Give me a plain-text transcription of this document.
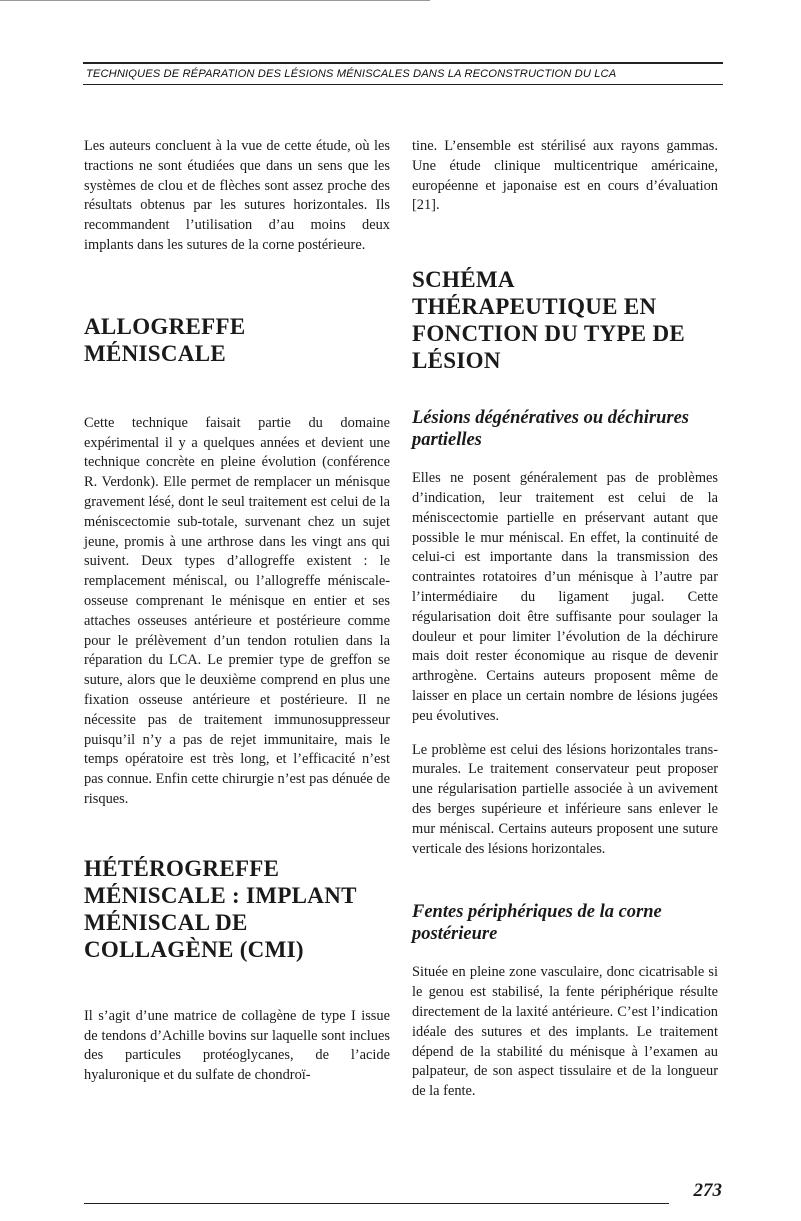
TECHNIQUES DE RÉPARATION DES LÉSIONS MÉNISCALES DANS LA RECONSTRUCTION DU LCA

Les auteurs concluent à la vue de cette étude, où les tractions ne sont étudiées que dans un sens que les systèmes de clou et de flèches sont assez proche des résultats obtenus par les sutures horizontales. Ils recommandent l’utilisation d’au moins deux implants dans les sutures de la corne postérieure.

ALLOGREFFE MÉNISCALE

Cette technique faisait partie du domaine expérimental il y a quelques années et devient une technique concrète en pleine évolution (conférence R. Verdonk). Elle permet de remplacer un ménisque gravement lésé, dont le seul traitement est celui de la méniscectomie sub-totale, survenant chez un sujet jeune, promis à une arthrose dans les vingt ans qui suivent. Deux types d’allogreffe existent : le remplacement méniscal, ou l’allogreffe méniscale-osseuse comprenant le ménisque en entier et ses attaches osseuses antérieure et postérieure comme pour le prélèvement d’un tendon rotulien dans la réparation du LCA. Le premier type de greffon se suture, alors que le deuxième comprend en plus une fixation osseuse antérieure et postérieure. Il ne nécessite pas de traitement immunosuppresseur puisqu’il n’y a pas de rejet immunitaire, mais le temps opératoire est très long, et l’efficacité n’est pas connue. Enfin cette chirurgie n’est pas dénuée de risques.

HÉTÉROGREFFE MÉNISCALE : IMPLANT MÉNISCAL DE COLLAGÈNE (CMI)

Il s’agit d’une matrice de collagène de type I issue de tendons d’Achille bovins sur laquelle sont inclues des particules protéoglycanes, de l’acide hyaluronique et du sulfate de chondroï-

tine. L’ensemble est stérilisé aux rayons gammas. Une étude clinique multicentrique américaine, européenne et japonaise est en cours d’évaluation [21].

SCHÉMA THÉRAPEUTIQUE EN FONCTION DU TYPE DE LÉSION
Lésions dégénératives ou déchirures partielles

Elles ne posent généralement pas de problèmes d’indication, leur traitement est celui de la méniscectomie partielle en préservant autant que possible le mur méniscal. En effet, la continuité de celui-ci est importante dans la transmission des contraintes rotatoires d’un ménisque à l’autre par l’intermédiaire du ligament jugal. Cette régularisation doit être suffisante pour soulager la douleur et pour limiter l’évolution de la déchirure mais doit rester économique au risque de devenir arthrogène. Certains auteurs proposent même de laisser en place un certain nombre de lésions jugées peu évolutives.

Le problème est celui des lésions horizontales trans-murales. Le traitement conservateur peut proposer une régularisation partielle associée à un avivement des berges supérieure et inférieure sans enlever le mur méniscal. Certains auteurs proposent une suture verticale des lésions horizontales.

Fentes périphériques de la corne postérieure

Située en pleine zone vasculaire, donc cicatrisable si le genou est stabilisé, la fente périphérique résulte directement de la laxité antérieure. C’est l’indication idéale des sutures et des implants. Le traitement dépend de la stabilité du ménisque à l’examen au palpateur, de son aspect tissulaire et de la longueur de la fente.

273
